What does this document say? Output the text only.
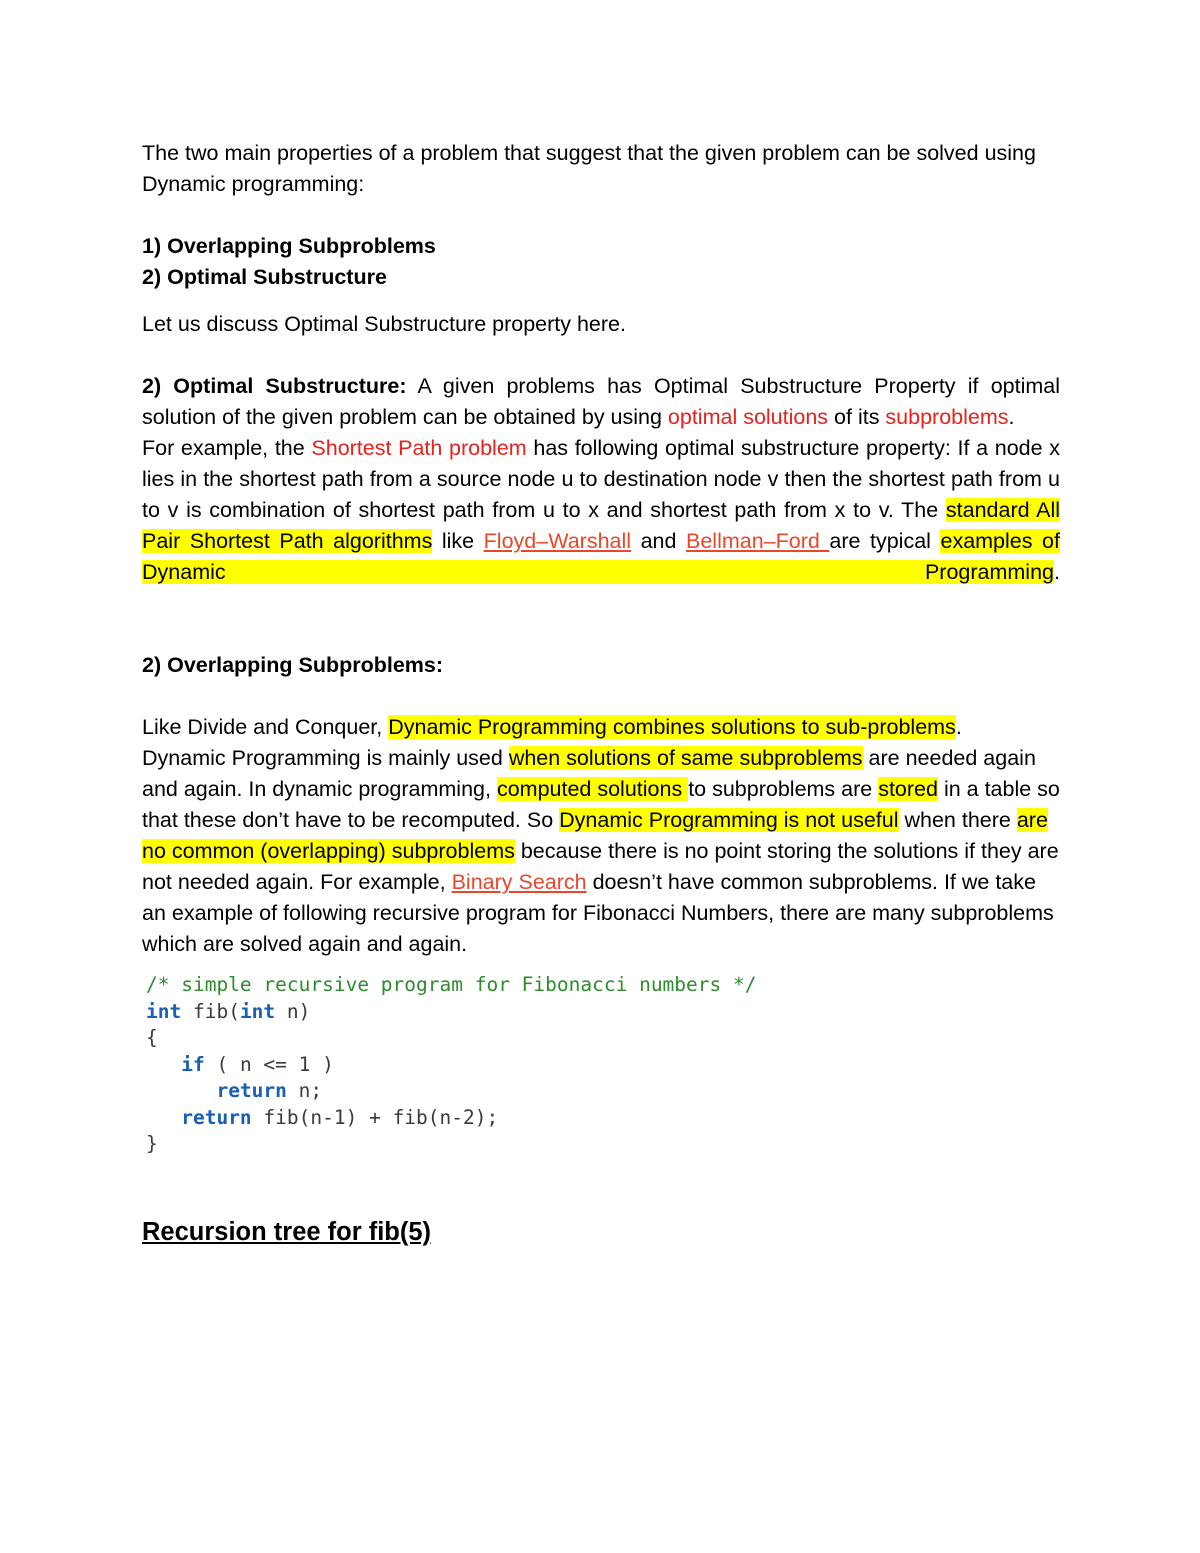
The two main properties of a problem that suggest that the given problem can be solved using Dynamic programming:

1) Overlapping Subproblems

2) Optimal Substructure

Let us discuss Optimal Substructure property here.

2) Optimal Substructure: A given problems has Optimal Substructure Property if optimal solution of the given problem can be obtained by using optimal solutions of its subproblems.

For example, the Shortest Path problem has following optimal substructure property: If a node x lies in the shortest path from a source node u to destination node v then the shortest path from u to v is combination of shortest path from u to x and shortest path from x to v. The standard All Pair Shortest Path algorithms like Floyd–Warshall and Bellman–Ford are typical examples of Dynamic Programming.

2) Overlapping Subproblems:

Like Divide and Conquer, Dynamic Programming combines solutions to sub-problems.

Dynamic Programming is mainly used when solutions of same subproblems are needed again and again. In dynamic programming, computed solutions to subproblems are stored in a table so that these don’t have to be recomputed. So Dynamic Programming is not useful when there are no common (overlapping) subproblems because there is no point storing the solutions if they are not needed again. For example, Binary Search doesn’t have common subproblems. If we take an example of following recursive program for Fibonacci Numbers, there are many subproblems which are solved again and again.

/* simple recursive program for Fibonacci numbers */
int fib(int n)
{
if ( n <= 1 )
return n;
return fib(n-1) + fib(n-2);
}

Recursion tree for fib(5)
